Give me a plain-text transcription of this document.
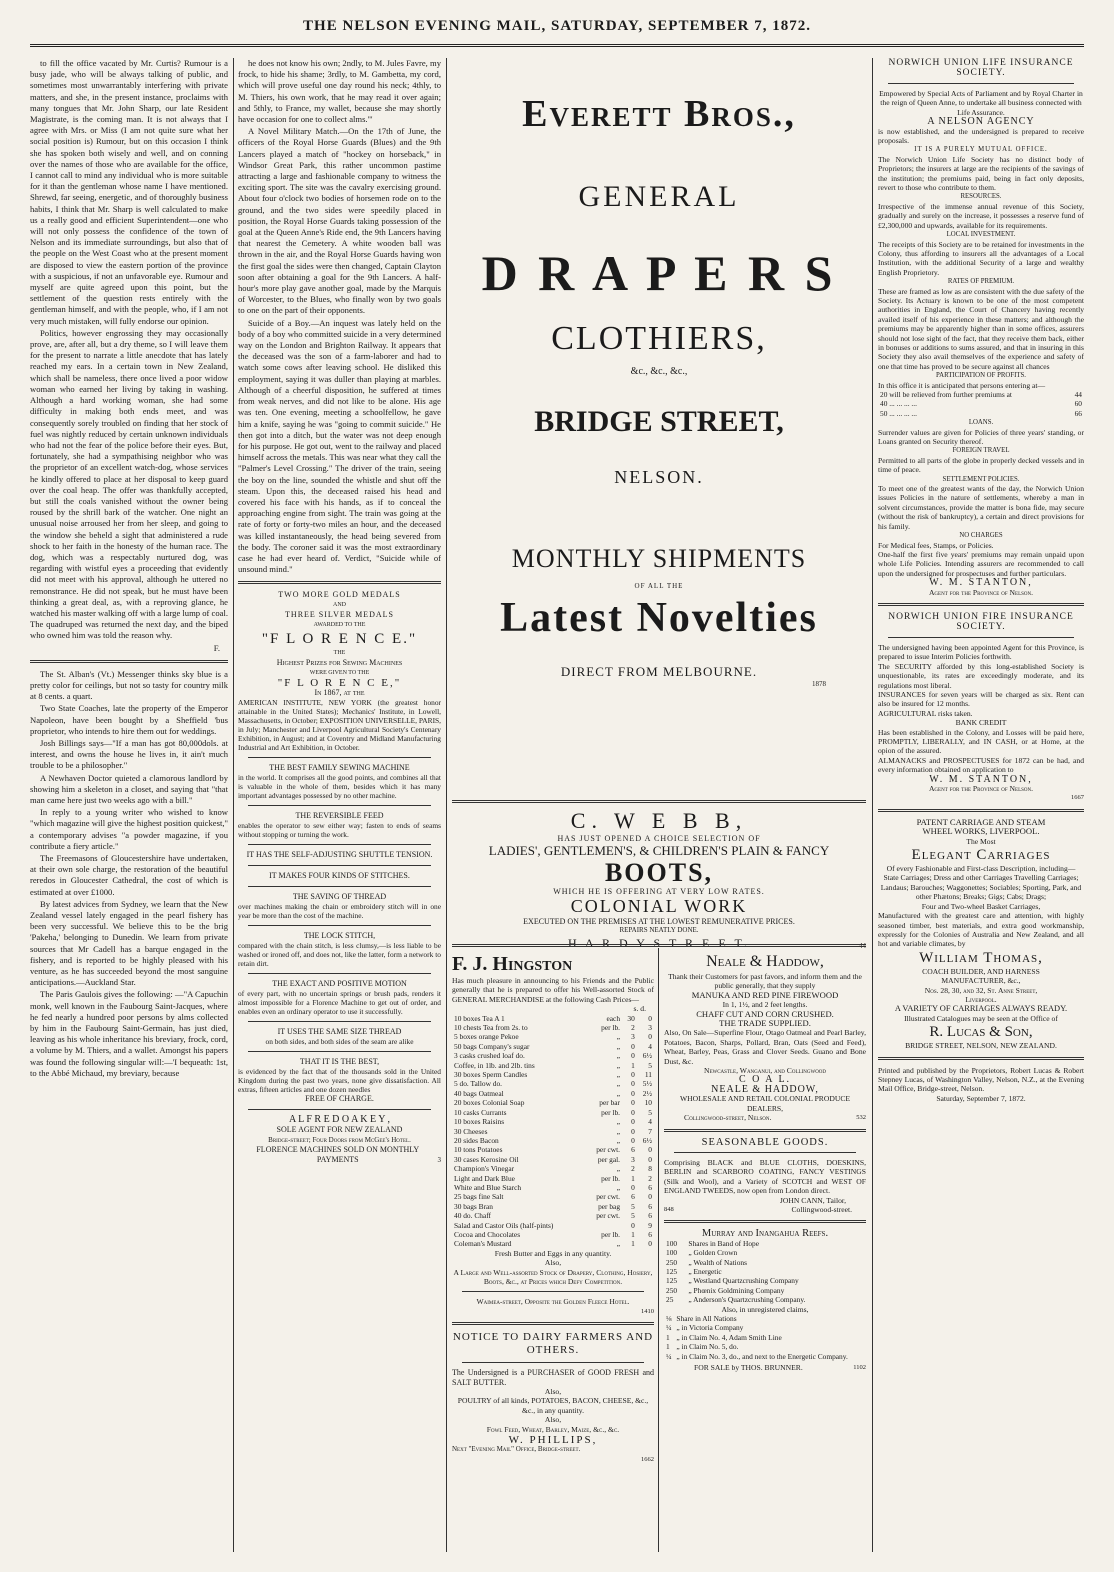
THE NELSON EVENING MAIL, SATURDAY, SEPTEMBER 7, 1872.

to fill the office vacated by Mr. Curtis? Rumour is a busy jade, who will be always talking of public, and sometimes most unwarrantably interfering with private matters, and she, in the present instance, proclaims with many tongues that Mr. John Sharp, our late Resident Magistrate, is the coming man. It is not always that I agree with Mrs. or Miss (I am not quite sure what her social position is) Rumour, but on this occasion I think she has spoken both wisely and well, and on conning over the names of those who are available for the office, I cannot call to mind any individual who is more suitable for it than the gentleman whose name I have mentioned. Shrewd, far seeing, energetic, and of thoroughly business habits, I think that Mr. Sharp is well calculated to make us a really good and efficient Superintendent—one who will not only possess the confidence of the town of Nelson and its immediate surroundings, but also that of the people on the West Coast who at the present moment are disposed to view the eastern portion of the province with a suspicious, if not an unfavorable eye. Rumour and myself are quite agreed upon this point, but the settlement of the question rests entirely with the gentleman himself, and with the people, who, if I am not very much mistaken, will fully endorse our opinion.

Politics, however engrossing they may occasionally prove, are, after all, but a dry theme, so I will leave them for the present to narrate a little anecdote that has lately reached my ears. In a certain town in New Zealand, which shall be nameless, there once lived a poor widow woman who earned her living by taking in washing. Although a hard working woman, she had some difficulty in making both ends meet, and was consequently sorely troubled on finding that her stock of fuel was nightly reduced by certain unknown individuals who had not the fear of the police before their eyes. But, fortunately, she had a sympathising neighbor who was the proprietor of an excellent watch-dog, whose services he kindly offered to place at her disposal to keep guard over the coal heap. The offer was thankfully accepted, but still the coals vanished without the owner being roused by the shrill bark of the watcher. One night an unusual noise arroused her from her sleep, and going to the window she beheld a sight that administered a rude shock to her faith in the honesty of the human race. The dog, which was a respectably nurtured dog, was regarding with wistful eyes a proceeding that evidently did not meet with his approval, although he uttered no remonstrance. He did not speak, but he must have been thinking a great deal, as, with a reproving glance, he watched his master walking off with a large lump of coal. The quadruped was returned the next day, and the biped who owned him was told the reason why.

F.

The St. Alban's (Vt.) Messenger thinks sky blue is a pretty color for ceilings, but not so tasty for country milk at 8 cents. a quart.

Two State Coaches, late the property of the Emperor Napoleon, have been bought by a Sheffield 'bus proprietor, who intends to hire them out for weddings.

Josh Billings says—"If a man has got 80,000dols. at interest, and owns the house he lives in, it ain't much trouble to be a philosopher."

A Newhaven Doctor quieted a clamorous landlord by showing him a skeleton in a closet, and saying that "that man came here just two weeks ago with a bill."

In reply to a young writer who wished to know "which magazine will give the highest position quickest," a contemporary advises "a powder magazine, if you contribute a fiery article."

The Freemasons of Gloucestershire have undertaken, at their own sole charge, the restoration of the beautiful reredos in Gloucester Cathedral, the cost of which is estimated at over £1000.

By latest advices from Sydney, we learn that the New Zealand vessel lately engaged in the pearl fishery has been very successful. We believe this to be the brig 'Pakeha,' belonging to Dunedin. We learn from private sources that Mr Cadell has a barque engaged in the fishery, and is reported to be highly pleased with his venture, as he has succeeded beyond the most sanguine anticipations.—Auckland Star.

The Paris Gaulois gives the following: —"A Capuchin monk, well known in the Faubourg Saint-Jacques, where he fed nearly a hundred poor persons by alms collected by him in the Faubourg Saint-Germain, has just died, leaving as his whole inheritance his breviary, frock, cord, a volume by M. Thiers, and a wallet. Amongst his papers was found the following singular will:—'I bequeath: 1st, to the Abbé Michaud, my breviary, because

he does not know his own; 2ndly, to M. Jules Favre, my frock, to hide his shame; 3rdly, to M. Gambetta, my cord, which will prove useful one day round his neck; 4thly, to M. Thiers, his own work, that he may read it over again; and 5thly, to France, my wallet, because she may shortly have occasion for one to collect alms.'"

A Novel Military Match.—On the 17th of June, the officers of the Royal Horse Guards (Blues) and the 9th Lancers played a match of "hockey on horseback," in Windsor Great Park, this rather uncommon pastime attracting a large and fashionable company to witness the exciting sport. The site was the cavalry exercising ground. About four o'clock two bodies of horsemen rode on to the ground, and the two sides were speedily placed in position, the Royal Horse Guards taking possession of the goal at the Queen Anne's Ride end, the 9th Lancers having that nearest the Cemetery. A white wooden ball was thrown in the air, and the Royal Horse Guards having won the first goal the sides were then changed, Captain Clayton soon after obtaining a goal for the 9th Lancers. A half-hour's more play gave another goal, made by the Marquis of Worcester, to the Blues, who finally won by two goals to one on the part of their opponents.

Suicide of a Boy.—An inquest was lately held on the body of a boy who committed suicide in a very determined way on the London and Brighton Railway. It appears that the deceased was the son of a farm-laborer and had to watch some cows after leaving school. He disliked this employment, saying it was duller than playing at marbles. Although of a cheerful disposition, he suffered at times from weak nerves, and did not like to be alone. His age was ten. One evening, meeting a schoolfellow, he gave him a knife, saying he was "going to commit suicide." He then got into a ditch, but the water was not deep enough for his purpose. He got out, went to the railway and placed himself across the metals. This was near what they call the "Palmer's Level Crossing." The driver of the train, seeing the boy on the line, sounded the whistle and shut off the steam. Upon this, the deceased raised his head and covered his face with his hands, as if to conceal the approaching engine from sight. The train was going at the rate of forty or forty-two miles an hour, and the deceased was killed instantaneously, the head being severed from the body. The coroner said it was the most extraordinary case he had ever heard of. Verdict, "Suicide while of unsound mind."

TWO MORE GOLD MEDALS
AND
THREE SILVER MEDALS
AWARDED TO THE
"F L O R E N C E."
THE
Highest Prizes for Sewing Machines
WERE GIVEN TO THE
"F L O R E N C E,"
In 1867, at the
AMERICAN INSTITUTE, NEW YORK (the greatest honor attainable in the United States); Mechanics' Institute, in Lowell, Massachusetts, in October; EXPOSITION UNIVERSELLE, PARIS, in July; Manchester and Liverpool Agricultural Society's Centenary Exhibition, in August; and at Coventry and Midland Manufacturing Industrial and Art Exhibition, in October.
THE BEST FAMILY SEWING MACHINE
in the world. It comprises all the good points, and combines all that is valuable in the whole of them, besides which it has many important advantages possessed by no other machine.
THE REVERSIBLE FEED
enables the operator to sew either way; fasten to ends of seams without stopping or turning the work.
IT HAS THE SELF-ADJUSTING SHUTTLE TENSION.
IT MAKES FOUR KINDS OF STITCHES.
THE SAVING OF THREAD
over machines making the chain or embroidery stitch will in one year be more than the cost of the machine.
THE LOCK STITCH,
compared with the chain stitch, is less clumsy,—is less liable to be washed or ironed off, and does not, like the latter, form a network to retain dirt.
THE EXACT AND POSITIVE MOTION
of every part, with no uncertain springs or brush pads, renders it almost impossible for a Florence Machine to get out of order, and enables even an ordinary operator to use it successfully.
IT USES THE SAME SIZE THREAD
on both sides, and both sides of the seam are alike
THAT IT IS THE BEST,
is evidenced by the fact that of the thousands sold in the United Kingdom during the past two years, none give dissatisfaction. All extras, fifteen articles and one dozen needles
FREE OF CHARGE.
A L F R E D O A K E Y ,
SOLE AGENT FOR NEW ZEALAND
Bridge-street; Four Doors from McGee's Hotel.
FLORENCE MACHINES SOLD ON MONTHLY PAYMENTS	3
Everett Bros.,
GENERAL
D R A P E R S
CLOTHIERS,
&c., &c., &c.,
BRIDGE STREET,
NELSON.
MONTHLY SHIPMENTS
OF ALL THE
Latest Novelties
DIRECT FROM MELBOURNE.
1878
C. W E B B,
HAS JUST OPENED A CHOICE SELECTION OF
LADIES', GENTLEMEN'S, & CHILDREN'S PLAIN & FANCY
BOOTS,
WHICH HE IS OFFERING AT VERY LOW RATES.
COLONIAL WORK
EXECUTED ON THE PREMISES AT THE LOWEST REMUNERATIVE PRICES.
REPAIRS NEATLY DONE.
H A R D Y S T R E E T.	44
F. J. Hingston
Has much pleasure in announcing to his Friends and the Public generally that he is prepared to offer his Well-assorted Stock of GENERAL MERCHANDISE at the following Cash Prices—
s. d.
10 boxes Tea A 1	each	30	0
10 chests Tea from 2s. to	per lb.	2	3
5 boxes orange Pekoe	„	3	0
50 bags Company's sugar	„	0	4
3 casks crushed loaf do.	„	0	6½
Coffee, in 1lb. and 2lb. tins	„	1	5
30 boxes Sperm Candles	„	0	11
5 do. Tallow do.	„	0	5½
40 bags Oatmeal	„	0	2½
20 boxes Colonial Soap	per bar	0	10
10 casks Currants	per lb.	0	5
10 boxes Raisins	„	0	4
30 Cheeses	„	0	7
20 sides Bacon	„	0	6½
10 tons Potatoes	per cwt.	6	0
30 cases Kerosine Oil	per gal.	3	0
Champion's Vinegar	„	2	8
Light and Dark Blue	per lb.	1	2
White and Blue Starch	„	0	6
25 bags fine Salt	per cwt.	6	0
30 bags Bran	per bag	5	6
40 do. Chaff	per cwt.	5	6
Salad and Castor Oils (half-pints)		0	9
Cocoa and Chocolates	per lb.	1	6
Coleman's Mustard	„	1	0
Fresh Butter and Eggs in any quantity.
Also,
A Large and Well-assorted Stock of Drapery, Clothing, Hosiery, Boots, &c., at Prices which Defy Competition.
Waimea-street, Opposite the Golden Fleece Hotel.
1410
NOTICE TO DAIRY FARMERS AND OTHERS.
The Undersigned is a PURCHASER of GOOD FRESH and SALT BUTTER.
Also,
POULTRY of all kinds, POTATOES, BACON, CHEESE, &c., &c., in any quantity.
Also,
Fowl Feed, Wheat, Barley, Maize, &c., &c.
W. PHILLIPS,
Next "Evening Mail" Office, Bridge-street.
1662
Neale & Haddow,
Thank their Customers for past favors, and inform them and the public generally, that they supply
MANUKA AND RED PINE FIREWOOD
In 1, 1½, and 2 feet lengths.
CHAFF CUT AND CORN CRUSHED.
THE TRADE SUPPLIED.
Also, On Sale—Superfine Flour, Otago Oatmeal and Pearl Barley, Potatoes, Bacon, Sharps, Pollard, Bran, Oats (Seed and Feed), Wheat, Barley, Peas, Grass and Clover Seeds. Guano and Bone Dust, &c.
Newcastle, Wanganui, and Collingwood
C O A L.
NEALE & HADDOW,
WHOLESALE AND RETAIL COLONIAL PRODUCE DEALERS,
Collingwood-street, Nelson.	532
SEASONABLE GOODS.
Comprising BLACK and BLUE CLOTHS, DOESKINS, BERLIN and SCARBORO COATING, FANCY VESTINGS (Silk and Wool), and a Variety of SCOTCH and WEST OF ENGLAND TWEEDS, now open from London direct.
JOHN CANN, Tailor,
848	Collingwood-street.
Murray and Inangahua Reefs.
100	Shares in Band of Hope
100	„ Golden Crown
250	„ Wealth of Nations
125	„ Energetic
125	„ Westland Quartzcrushing Company
250	„ Phœnix Goldmining Company
25	„ Anderson's Quartzcrushing Company.
Also, in unregistered claims,
⅛	Share in All Nations
¼	„ in Victoria Company
1	„ in Claim No. 4, Adam Smith Line
1	„ in Claim No. 5, do.
¼	„ in Claim No. 3, do., and next to the Energetic Company.
FOR SALE by THOS. BRUNNER.	1102
NORWICH UNION LIFE INSURANCE SOCIETY.
Empowered by Special Acts of Parliament and by Royal Charter in the reign of Queen Anne, to undertake all business connected with Life Assurance.
A NELSON AGENCY
is now established, and the undersigned is prepared to receive proposals.
IT IS A PURELY MUTUAL OFFICE.
The Norwich Union Life Society has no distinct body of Proprietors; the insurers at large are the recipients of the savings of the institution; the premiums paid, being in fact only deposits, revert to those who contribute to them.
RESOURCES.
Irrespective of the immense annual revenue of this Society, gradually and surely on the increase, it possesses a reserve fund of £2,300,000 and upwards, available for its requirements.
LOCAL INVESTMENT.
The receipts of this Society are to be retained for investments in the Colony, thus affording to insurers all the advantages of a Local Institution, with the additional Security of a large and wealthy English Proprietory.
RATES OF PREMIUM.
These are framed as low as are consistent with the due safety of the Society. Its Actuary is known to be one of the most competent authorities in England, the Court of Chancery having recently availed itself of his experience in these matters; and although the premiums may be apparently higher than in some offices, assurers should not lose sight of the fact, that they receive them back, either in bonuses or additions to sums assured, and that in insuring in this Society they also avail themselves of the experience and safety of one that time has proved to be secure against all chances
PARTICIPATION OF PROFITS.
In this office it is anticipated that persons entering at—
20 will be relieved from further premiums at	44
40 ... ... ... ...	60
50 ... ... ... ...	66
LOANS.
Surrender values are given for Policies of three years' standing, or Loans granted on Security thereof.
FOREIGN TRAVEL
Permitted to all parts of the globe in properly decked vessels and in time of peace.
SETTLEMENT POLICIES.
To meet one of the greatest wants of the day, the Norwich Union issues Policies in the nature of settlements, whereby a man in solvent circumstances, provide the matter is bona fide, may secure (without the risk of bankruptcy), a certain and direct provisions for his family.
NO CHARGES
For Medical fees, Stamps, or Policies.
One-half the first five years' premiums may remain unpaid upon whole Life Policies. Intending assurers are recommended to call upon the undersigned for prospectuses and further particulars.
W. M. STANTON,
Agent for the Province of Nelson.
NORWICH UNION FIRE INSURANCE SOCIETY.
The undersigned having been appointed Agent for this Province, is prepared to issue Interim Policies forthwith.
The SECURITY afforded by this long-established Society is unquestionable, its rates are exceedingly moderate, and its regulations most liberal.
INSURANCES for seven years will be charged as six. Rent can also be insured for 12 months.
AGRICULTURAL risks taken.
BANK CREDIT
Has been established in the Colony, and Losses will be paid here, PROMPTLY, LIBERALLY, and IN CASH, or at Home, at the opion of the assured.
ALMANACKS and PROSPECTUSES for 1872 can be had, and every information obtained on application to
W. M. STANTON,
Agent for the Province of Nelson.
1667
PATENT CARRIAGE AND STEAM
WHEEL WORKS, LIVERPOOL.
The Most
Elegant Carriages
Of every Fashionable and First-class Description, including—
State Carriages; Dress and other Carriages Travelling Carriages;
Landaus; Barouches; Waggonettes; Sociables; Sporting, Park, and other Phætons; Breaks; Gigs; Cabs; Drags;
Four and Two-wheel Basket Carriages,
Manufactured with the greatest care and attention, with highly seasoned timber, best materials, and extra good workmanship, expressly for the Colonies of Australia and New Zealand, and all hot and variable climates, by
William Thomas,
COACH BUILDER, AND HARNESS
MANUFACTURER, &c.,
Nos. 28, 30, and 32, St. Anne Street,
Liverpool.
A VARIETY OF CARRIAGES ALWAYS READY.
Illustrated Catalogues may be seen at the Office of
R. Lucas & Son,
BRIDGE STREET, NELSON, NEW ZEALAND.
Printed and published by the Proprietors, Robert Lucas & Robert Stepney Lucas, of Washington Valley, Nelson, N.Z., at the Evening Mail Office, Bridge-street, Nelson.
Saturday, September 7, 1872.
